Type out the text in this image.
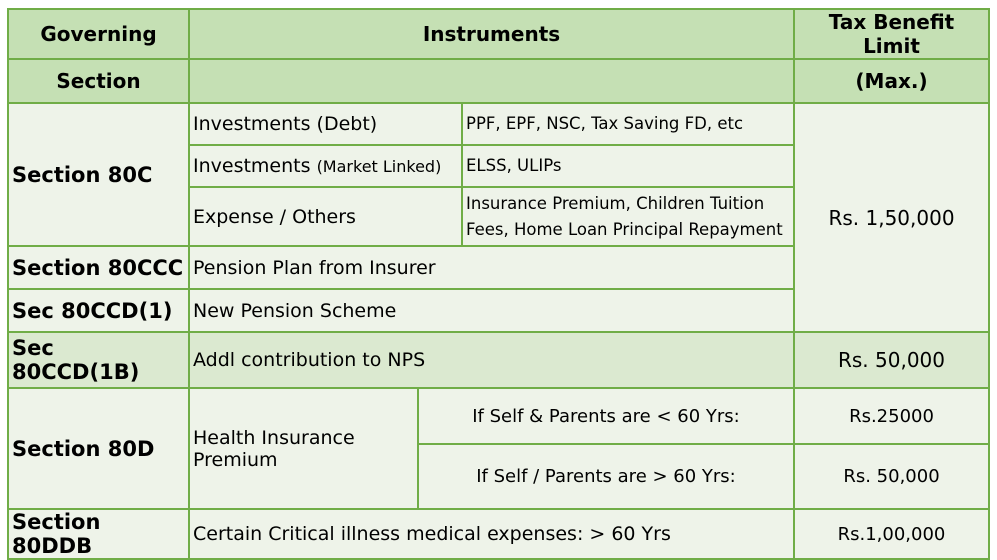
Governing	Instruments			Tax Benefit Limit
Section				(Max.)
Section 80C	Investments (Debt)		PPF, EPF, NSC, Tax Saving FD, etc	Rs. 1,50,000
	Investments (Market Linked)		ELSS, ULIPs	
	Expense / Others		Insurance Premium, Children Tuition Fees, Home Loan Principal Repayment	
Section 80CCC	Pension Plan from Insurer			
Sec 80CCD(1)	New Pension Scheme			
Sec 80CCD(1B)	Addl contribution to NPS			Rs. 50,000
Section 80D	Health Insurance Premium	If Self & Parents are < 60 Yrs:		Rs.25000
		If Self / Parents are > 60 Yrs:		Rs. 50,000
Section 80DDB	Certain Critical illness medical expenses: > 60 Yrs			Rs.1,00,000
